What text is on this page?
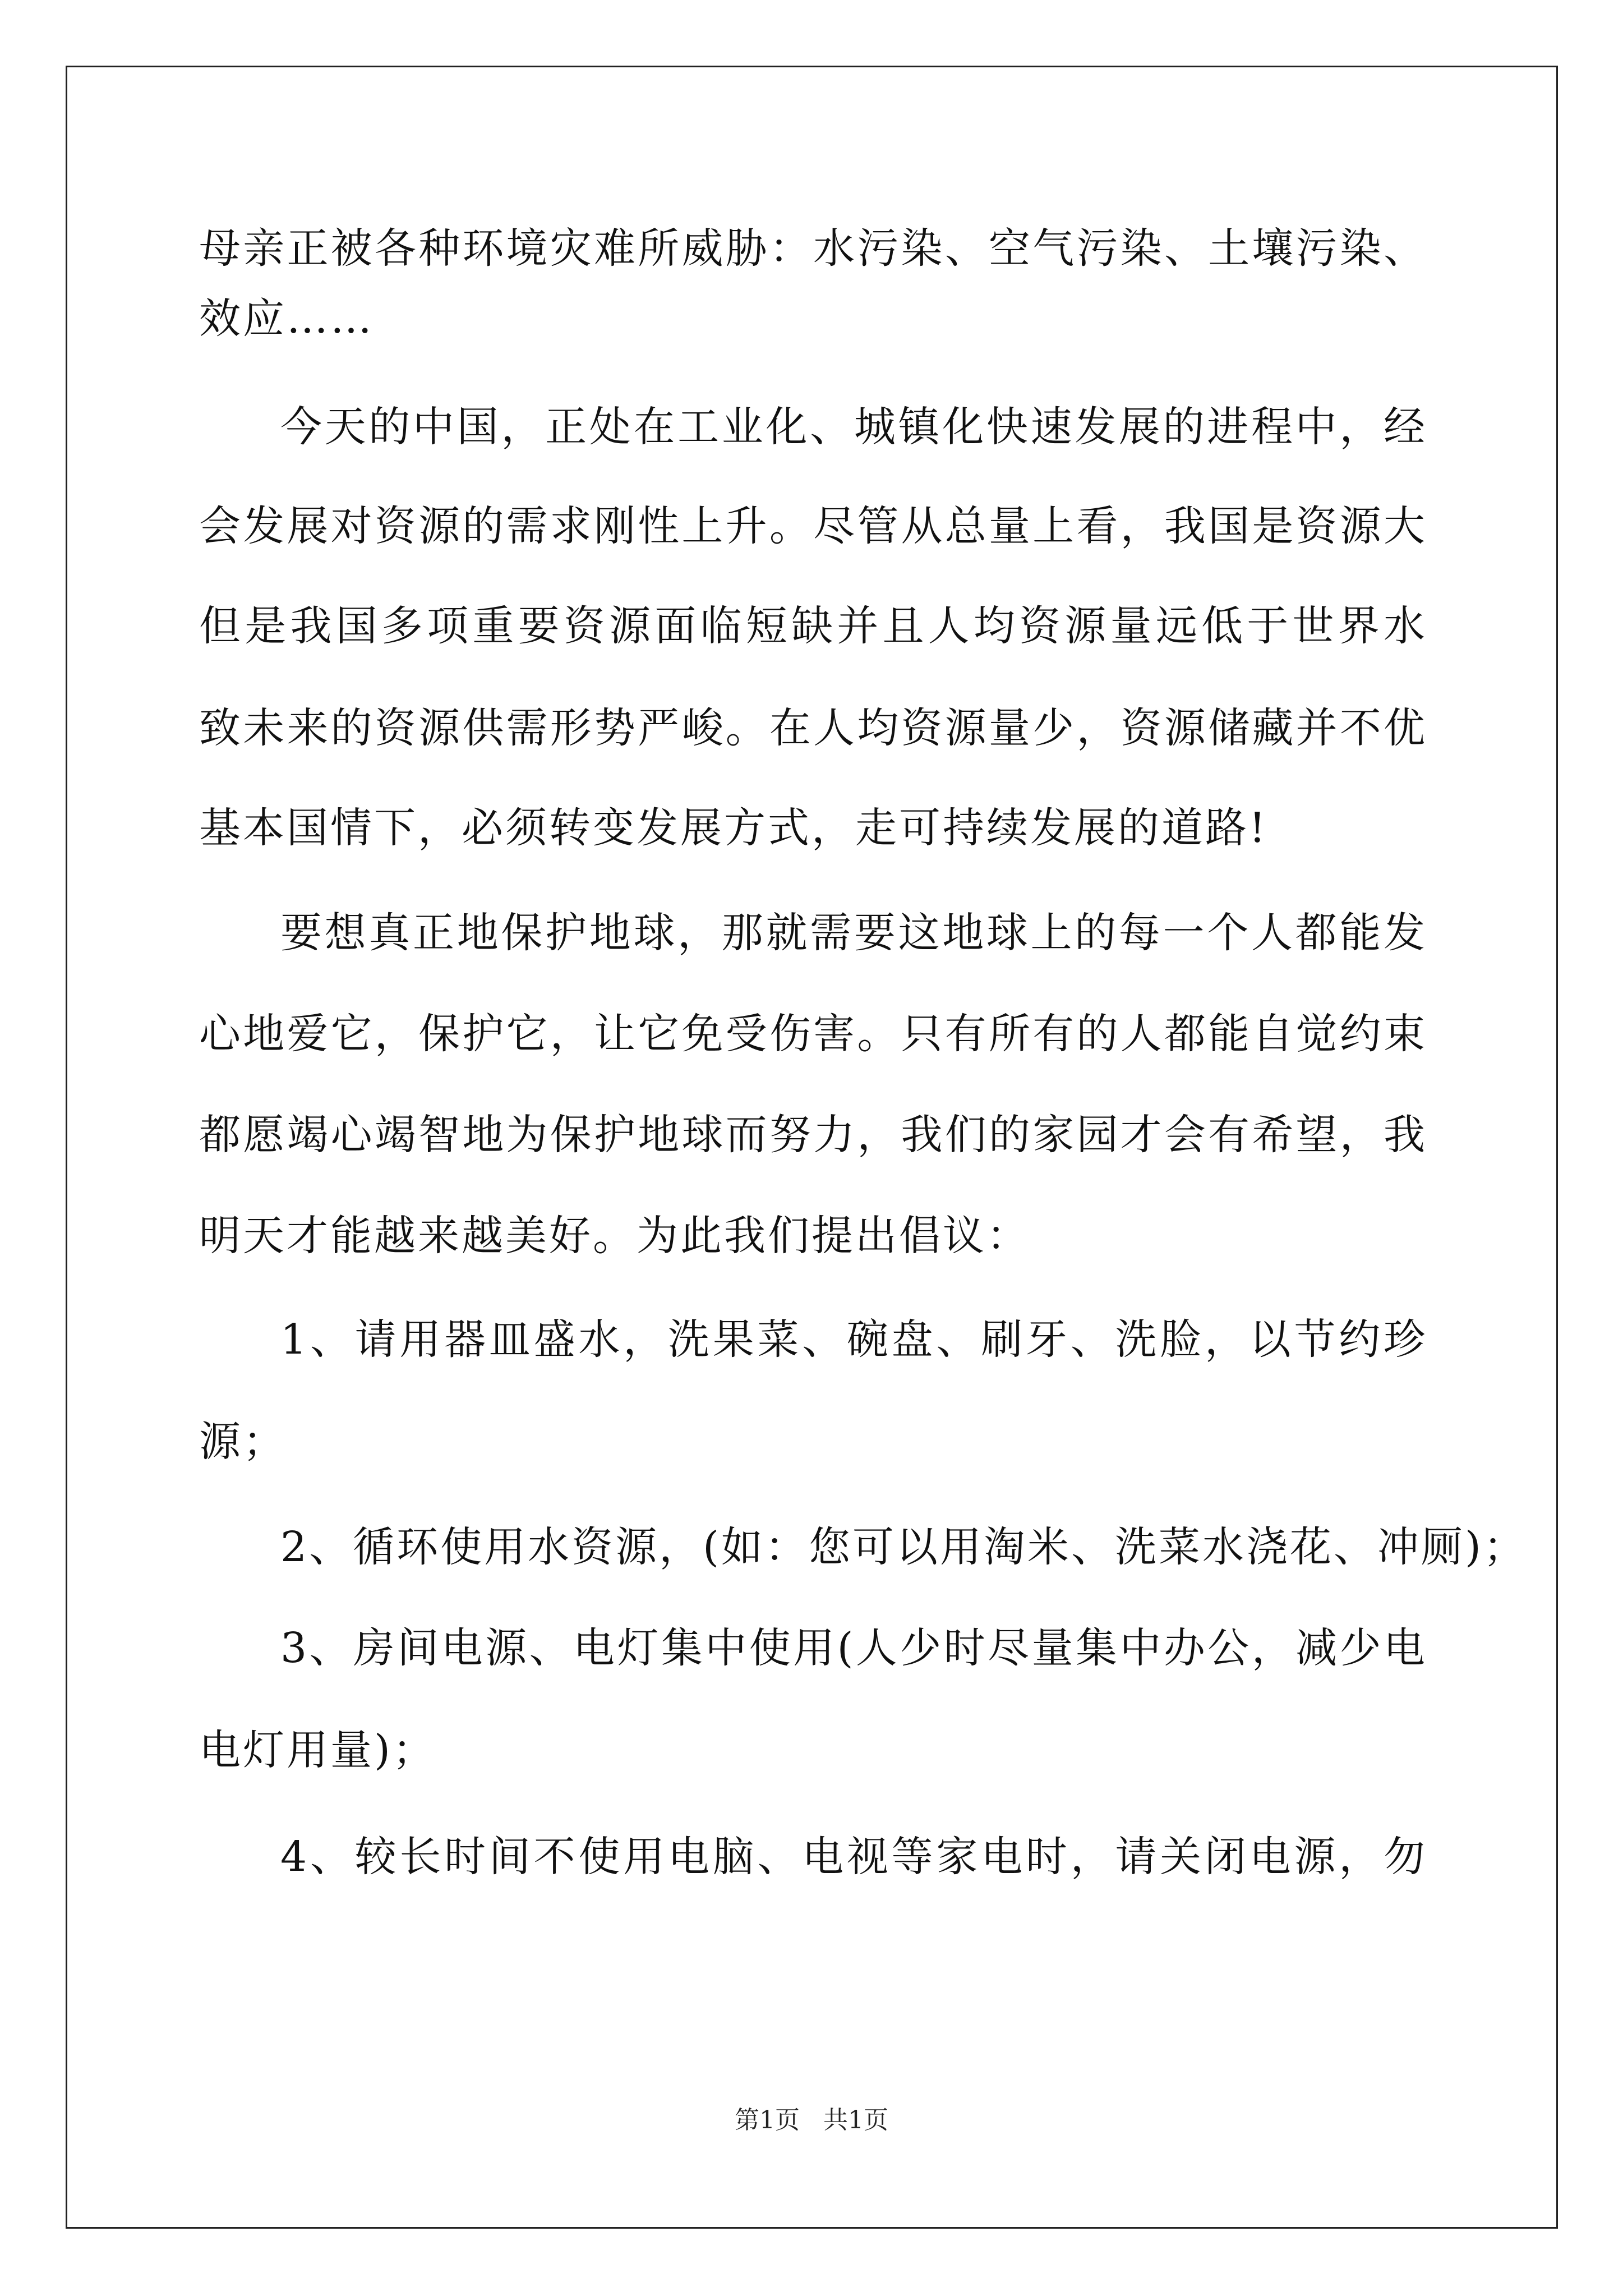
母亲正被各种环境灾难所威胁：水污染、空气污染、土壤污染、
效应……
今天的中国，正处在工业化、城镇化快速发展的进程中，经
会发展对资源的需求刚性上升。尽管从总量上看，我国是资源大
但是我国多项重要资源面临短缺并且人均资源量远低于世界水
致未来的资源供需形势严峻。在人均资源量少，资源储藏并不优
基本国情下，必须转变发展方式，走可持续发展的道路!
要想真正地保护地球，那就需要这地球上的每一个人都能发
心地爱它，保护它，让它免受伤害。只有所有的人都能自觉约束
都愿竭心竭智地为保护地球而努力，我们的家园才会有希望，我
明天才能越来越美好。为此我们提出倡议：
1、请用器皿盛水，洗果菜、碗盘、刷牙、洗脸，以节约珍
源；
2、循环使用水资源，(如：您可以用淘米、洗菜水浇花、冲厕)；
3、房间电源、电灯集中使用(人少时尽量集中办公，减少电
电灯用量)；
4、较长时间不使用电脑、电视等家电时，请关闭电源，勿
第1页 共1页
